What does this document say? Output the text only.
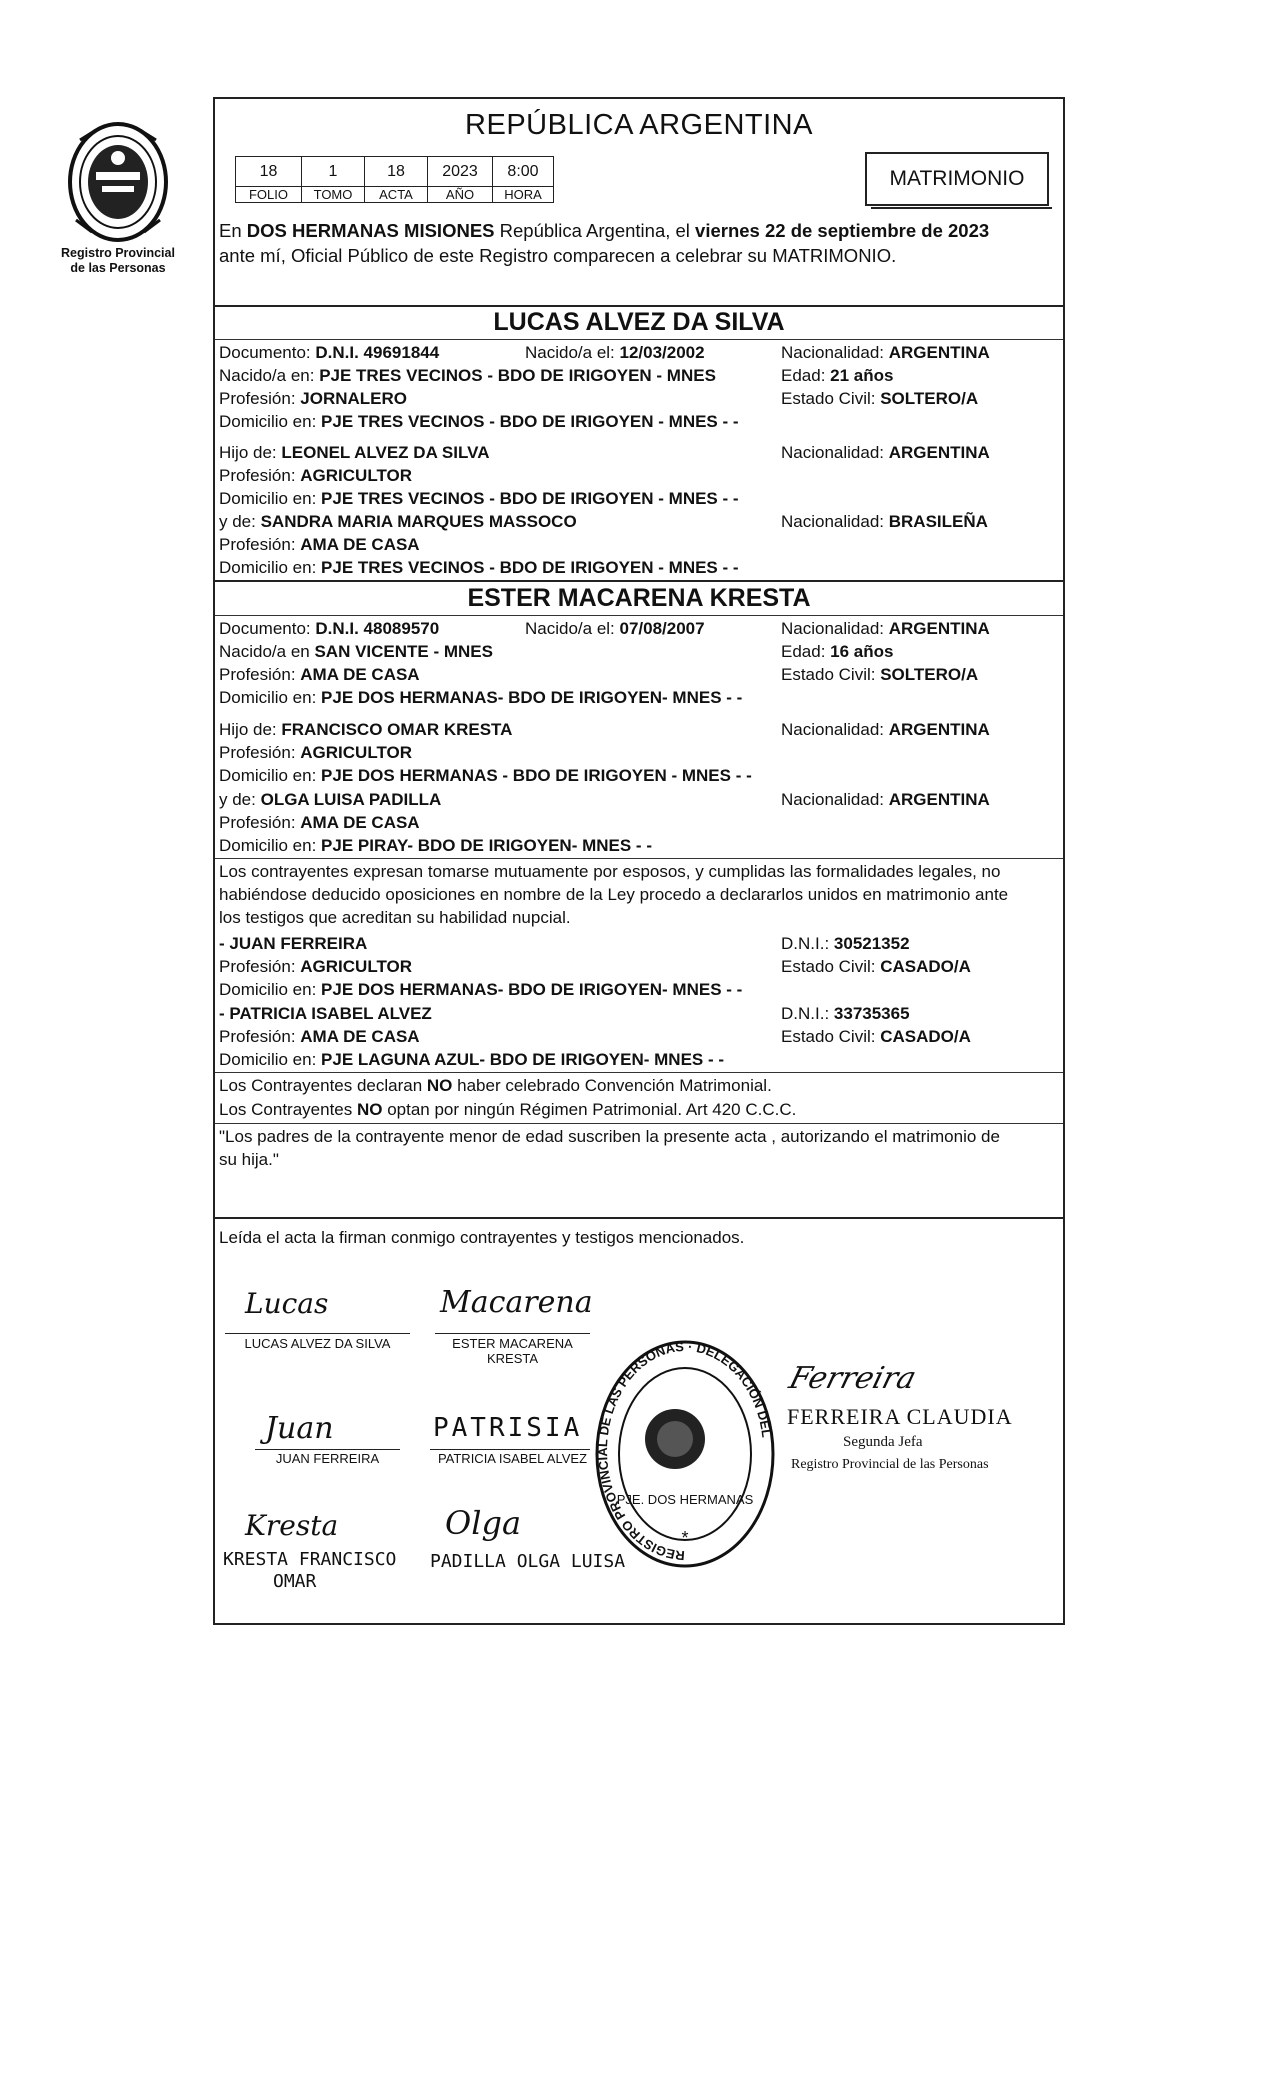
Registro Provincial
de las Personas
REPÚBLICA ARGENTINA
18	1	18	2023	8:00
FOLIO	TOMO	ACTA	AÑO	HORA
MATRIMONIO
En DOS HERMANAS MISIONES República Argentina, el viernes 22 de septiembre de 2023
ante mí, Oficial Público de este Registro comparecen a celebrar su MATRIMONIO.
LUCAS ALVEZ DA SILVA
Documento: D.N.I. 49691844	Nacido/a el: 12/03/2002	Nacionalidad: ARGENTINA
Nacido/a en: PJE TRES VECINOS - BDO DE IRIGOYEN - MNES	Edad: 21 años
Profesión: JORNALERO	Estado Civil: SOLTERO/A
Domicilio en: PJE TRES VECINOS - BDO DE IRIGOYEN - MNES - -
Hijo de: LEONEL ALVEZ DA SILVA	Nacionalidad: ARGENTINA
Profesión: AGRICULTOR
Domicilio en: PJE TRES VECINOS - BDO DE IRIGOYEN - MNES - -
y de: SANDRA MARIA MARQUES MASSOCO	Nacionalidad: BRASILEÑA
Profesión: AMA DE CASA
Domicilio en: PJE TRES VECINOS - BDO DE IRIGOYEN - MNES - -
ESTER MACARENA KRESTA
Documento: D.N.I. 48089570	Nacido/a el: 07/08/2007	Nacionalidad: ARGENTINA
Nacido/a en SAN VICENTE - MNES	Edad: 16 años
Profesión: AMA DE CASA	Estado Civil: SOLTERO/A
Domicilio en: PJE DOS HERMANAS- BDO DE IRIGOYEN- MNES - -
Hijo de: FRANCISCO OMAR KRESTA	Nacionalidad: ARGENTINA
Profesión: AGRICULTOR
Domicilio en: PJE DOS HERMANAS - BDO DE IRIGOYEN - MNES - -
y de: OLGA LUISA PADILLA	Nacionalidad: ARGENTINA
Profesión: AMA DE CASA
Domicilio en: PJE PIRAY- BDO DE IRIGOYEN- MNES - -
Los contrayentes expresan tomarse mutuamente por esposos, y cumplidas las formalidades legales, no
habiéndose deducido oposiciones en nombre de la Ley procedo a declararlos unidos en matrimonio ante
los testigos que acreditan su habilidad nupcial.
- JUAN FERREIRA	D.N.I.: 30521352
Profesión: AGRICULTOR	Estado Civil: CASADO/A
Domicilio en: PJE DOS HERMANAS- BDO DE IRIGOYEN- MNES - -
- PATRICIA ISABEL ALVEZ	D.N.I.: 33735365
Profesión: AMA DE CASA	Estado Civil: CASADO/A
Domicilio en: PJE LAGUNA AZUL- BDO DE IRIGOYEN- MNES - -
Los Contrayentes declaran NO haber celebrado Convención Matrimonial.
Los Contrayentes NO optan por ningún Régimen Patrimonial. Art 420 C.C.C.
"Los padres de la contrayente menor de edad suscriben la presente acta , autorizando el matrimonio de
su hija."
Leída el acta la firman conmigo contrayentes y testigos mencionados.
Lucas
LUCAS ALVEZ DA SILVA
Macarena
ESTER MACARENA
KRESTA
Juan
JUAN FERREIRA
PATRISIA
PATRICIA ISABEL ALVEZ
Kresta
KRESTA FRANCISCO
OMAR
Olga
PADILLA OLGA LUISA	REGISTRO PROVINCIAL DE LAS PERSONAS · DELEGACIÓN DEL
PJE. DOS HERMANAS
*
Ferreira
FERREIRA CLAUDIA
Segunda Jefa
Registro Provincial de las Personas
